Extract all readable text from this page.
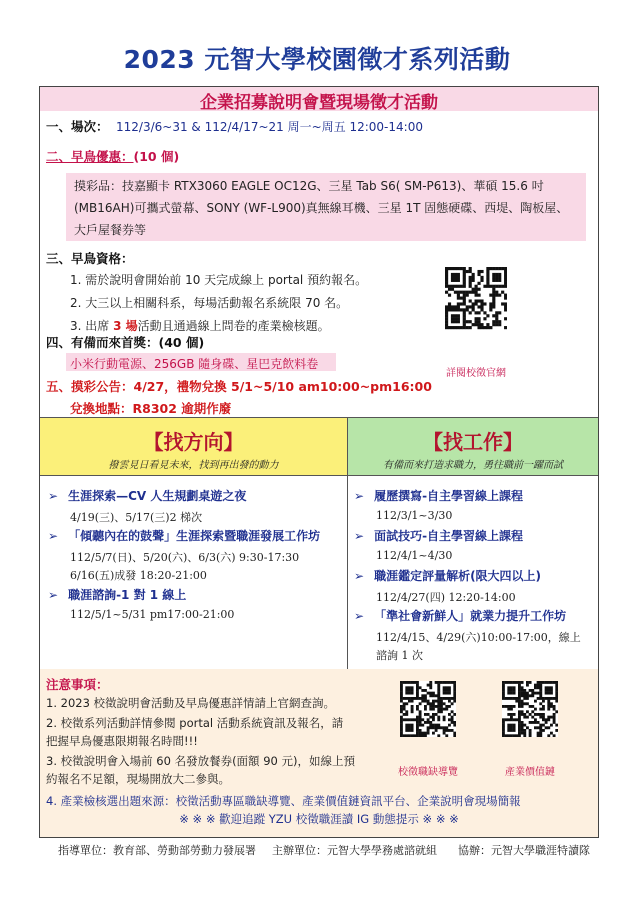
2023 元智大學校園徵才系列活動
企業招募說明會暨現場徵才活動
一、場次： 112/3/6~31 & 112/4/17~21 周一~周五 12:00-14:00
二、早鳥優惠：(10 個)
摸彩品：技嘉顯卡 RTX3060 EAGLE OC12G、三星 Tab S6( SM-P613)、華碩 15.6 吋 (MB16AH)可攜式螢幕、SONY (WF-L900)真無線耳機、三星 1T 固態硬碟、西堤、陶板屋、大戶屋餐券等
三、早鳥資格：
1. 需於說明會開始前 10 天完成線上 portal 預約報名。
2. 大三以上相關科系，每場活動報名系統限 70 名。
3. 出席 3 場活動且通過線上問卷的產業檢核題。
四、有備而來首獎：(40 個)
小米行動電源、256GB 隨身碟、星巴克飲料卷
五、摸彩公告：4/27，禮物兌換 5/1~5/10 am10:00~pm16:00
兌換地點：R8302 逾期作廢
詳閱校徵官網
【找方向】
撥雲見日看見未來，找到再出發的動力
【找工作】
有備而來打造求職力，勇往職前一躍而試
➢ 生涯探索—CV 人生規劃桌遊之夜
4/19(三)、5/17(三)2 梯次
➢ 「傾聽內在的鼓聲」生涯探索暨職涯發展工作坊
112/5/7(日)、5/20(六)、6/3(六) 9:30-17:30
6/16(五)成發 18:20-21:00
➢ 職涯諮詢-1 對 1 線上
112/5/1~5/31 pm17:00-21:00
➢ 履歷撰寫-自主學習線上課程
112/3/1~3/30
➢ 面試技巧-自主學習線上課程
112/4/1~4/30
➢ 職涯鑑定評量解析(限大四以上)
112/4/27(四) 12:20-14:00
➢ 「準社會新鮮人」就業力提升工作坊
112/4/15、4/29(六)10:00-17:00，線上
諮詢 1 次
注意事項：
1. 2023 校徵說明會活動及早鳥優惠詳情請上官網查詢。
2. 校徵系列活動詳情參閱 portal 活動系統資訊及報名，請
把握早鳥優惠限期報名時間!!!
3. 校徵說明會入場前 60 名發放餐券(面額 90 元)，如線上預
約報名不足額，現場開放大二參與。
4. 產業檢核選出題來源：校徵活動專區職缺導覽、產業價值鏈資訊平台、企業說明會現場簡報
※ ※ ※ 歡迎追蹤 YZU 校徵職涯讀 IG 動態提示 ※ ※ ※
校徵職缺導覽	產業價值鏈
指導單位：教育部、勞動部勞動力發展署 主辦單位：元智大學學務處諮就組 協辦：元智大學職涯特讀隊
